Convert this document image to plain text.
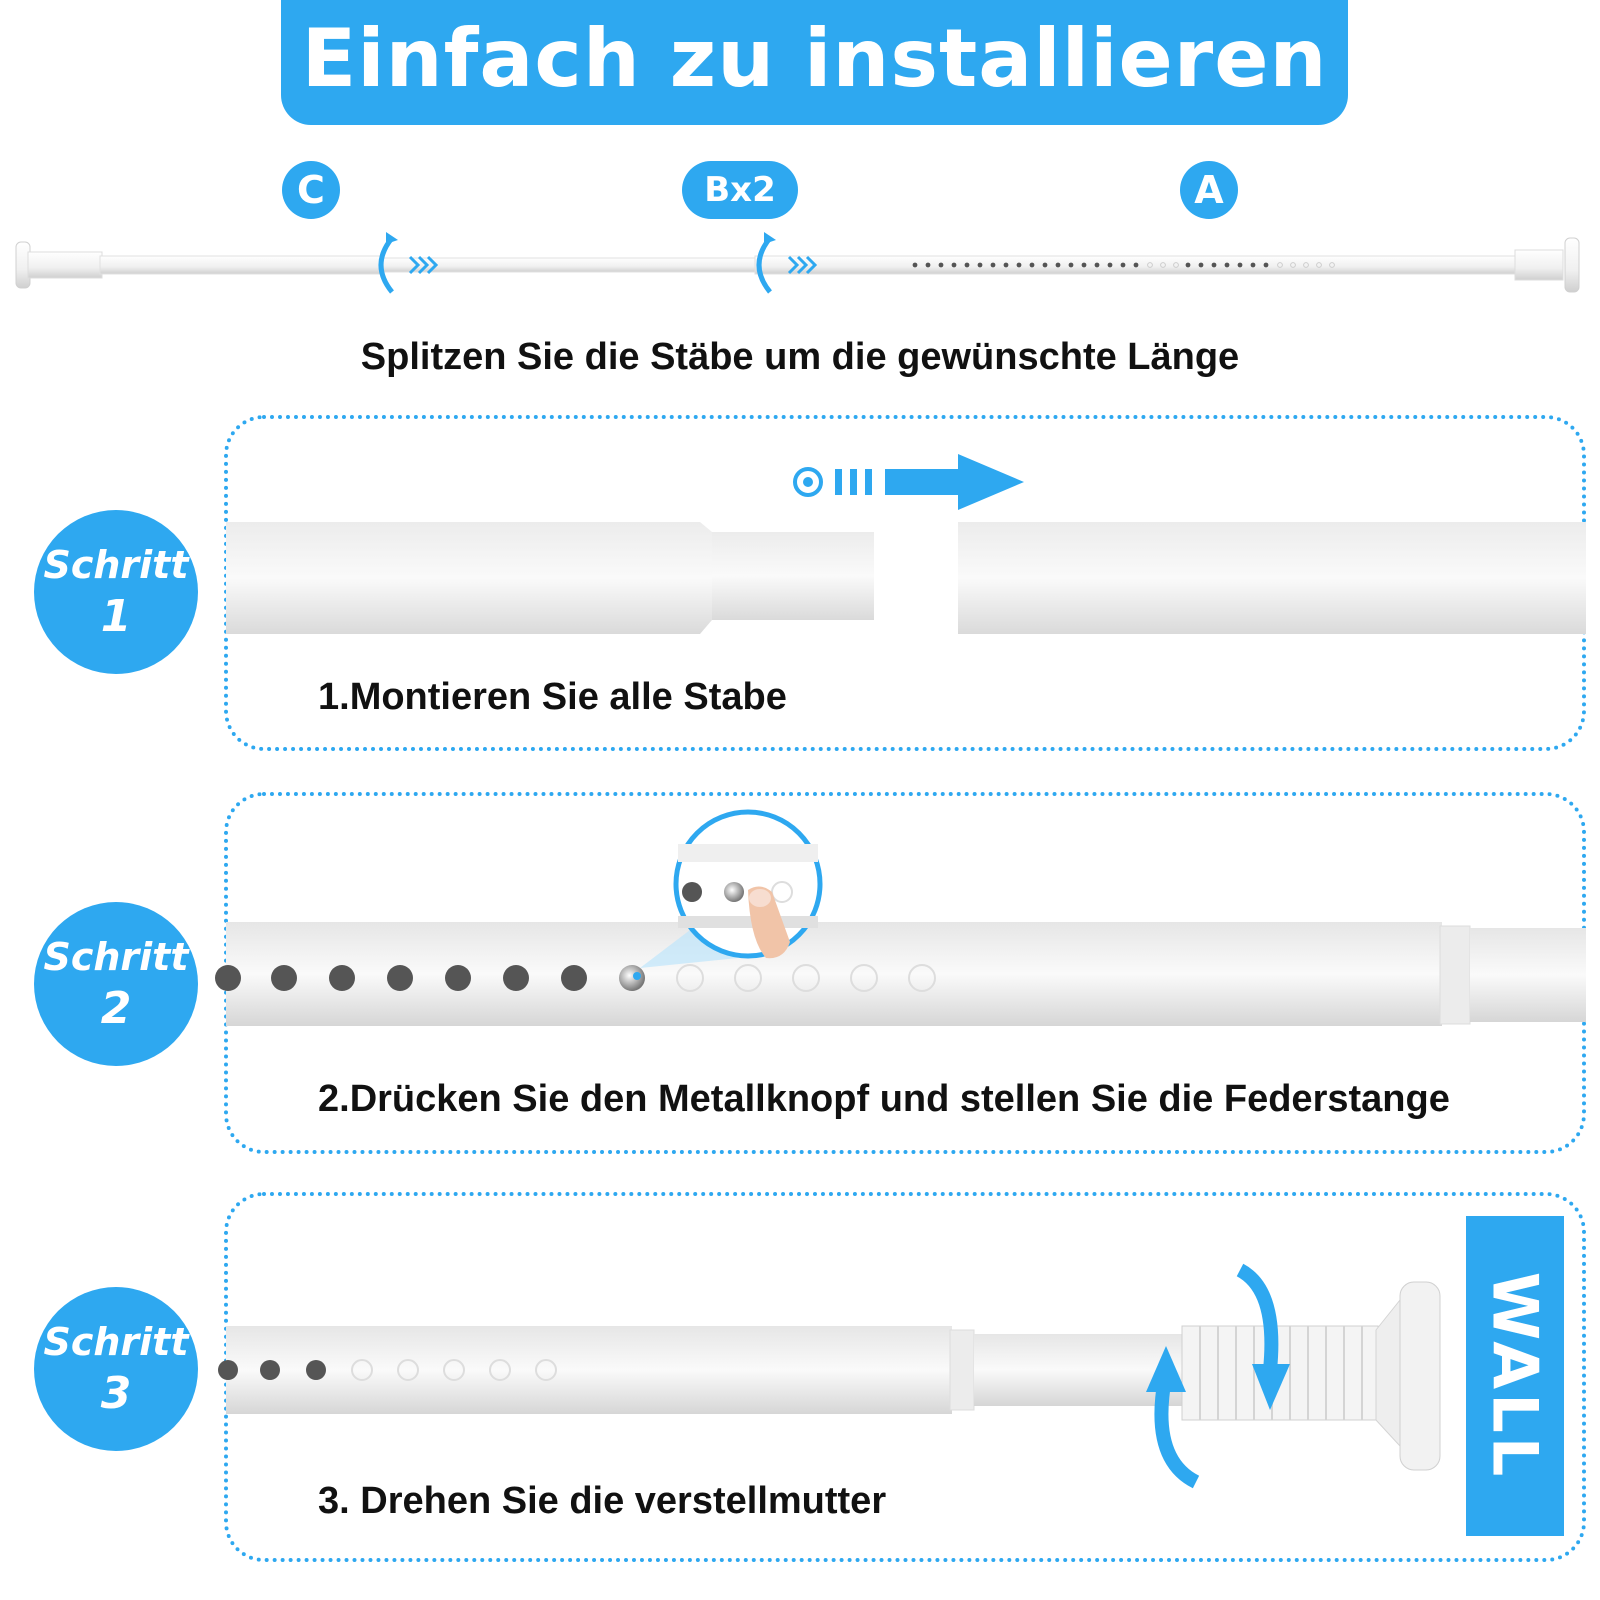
Einfach zu installieren
C	Bx2	A
Splitzen Sie die Stäbe um die gewünschte Länge
Schritt
1
1.Montieren Sie alle Stabe
Schritt
2
2.Drücken Sie den Metallknopf und stellen Sie die Federstange
Schritt
3
3. Drehen Sie die verstellmutter
WALL
